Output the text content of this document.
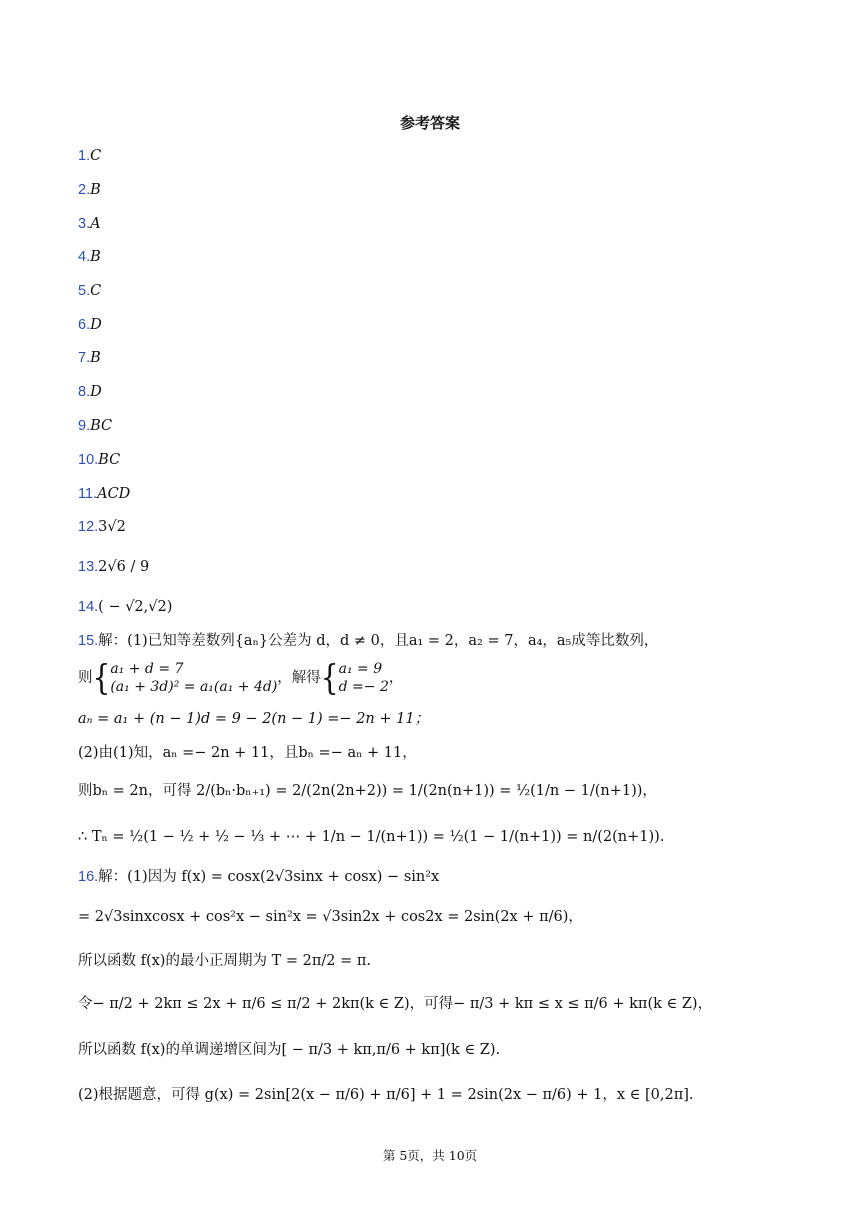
参考答案
1.C
2.B
3.A
4.B
5.C
6.D
7.B
8.D
9.BC
10.BC
11.ACD
12.3√2
13.2√6 / 9
14.( − √2,√2)
15.解：(1)已知等差数列{aₙ}公差为 d，d ≠ 0，且a₁ = 2，a₂ = 7，a₄，a₅成等比数列，
则{ a₁ + d = 7
(a₁ + 3d)² = a₁(a₁ + 4d)
，解得{ a₁ = 9
d =− 2
，
aₙ = a₁ + (n − 1)d = 9 − 2(n − 1) =− 2n + 11；
(2)由(1)知，aₙ =− 2n + 11，且bₙ =− aₙ + 11，
则bₙ = 2n，可得 2/(bₙ·bₙ₊₁) = 2/(2n(2n+2)) = 1/(2n(n+1)) = ½(1/n − 1/(n+1))，
∴ Tₙ = ½(1 − ½ + ½ − ⅓ + ⋯ + 1/n − 1/(n+1)) = ½(1 − 1/(n+1)) = n/(2(n+1)).
16.解：(1)因为 f(x) = cosx(2√3sinx + cosx) − sin²x
= 2√3sinxcosx + cos²x − sin²x = √3sin2x + cos2x = 2sin(2x + π/6)，
所以函数 f(x)的最小正周期为 T = 2π/2 = π.
令− π/2 + 2kπ ≤ 2x + π/6 ≤ π/2 + 2kπ(k ∈ Z)，可得− π/3 + kπ ≤ x ≤ π/6 + kπ(k ∈ Z)，
所以函数 f(x)的单调递增区间为[ − π/3 + kπ,π/6 + kπ](k ∈ Z).
(2)根据题意，可得 g(x) = 2sin[2(x − π/6) + π/6] + 1 = 2sin(2x − π/6) + 1，x ∈ [0,2π].
第 5页，共 10页
